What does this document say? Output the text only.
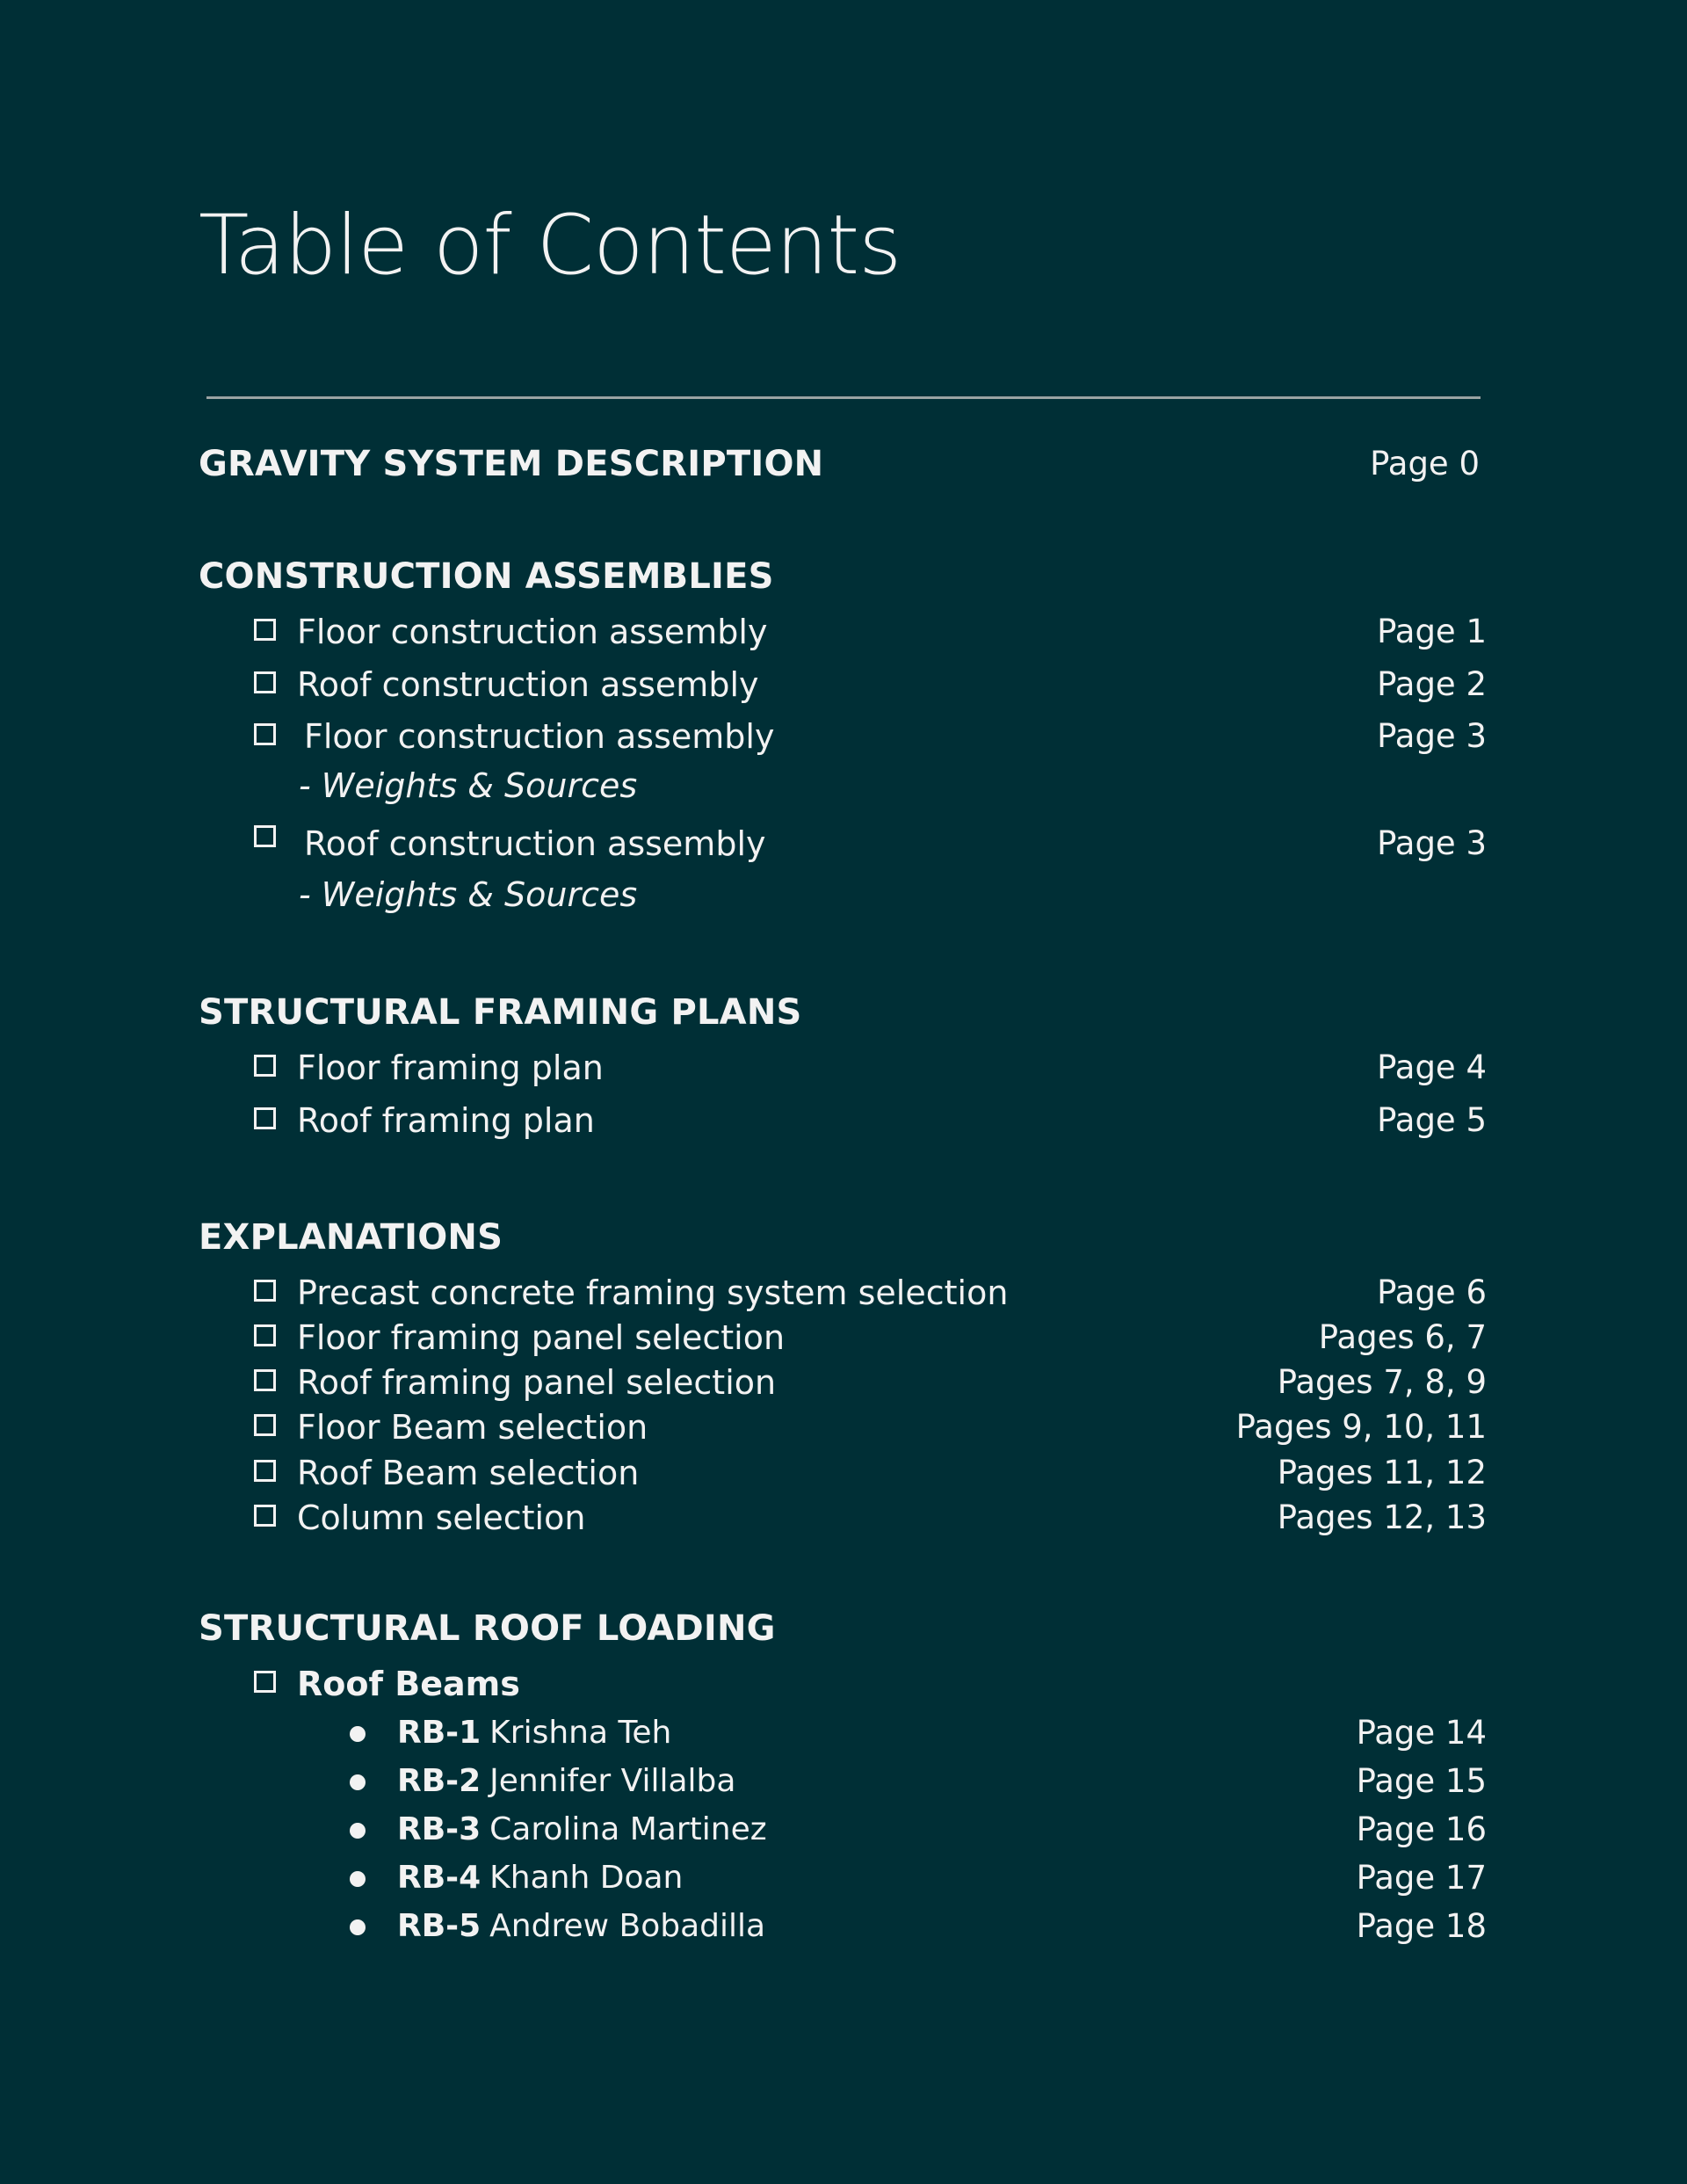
Table of Contents
GRAVITY SYSTEM DESCRIPTION	Page 0
CONSTRUCTION ASSEMBLIES
Floor construction assembly	Page 1
Roof construction assembly	Page 2
Floor construction assembly	Page 3
- Weights & Sources
Roof construction assembly	Page 3
- Weights & Sources
STRUCTURAL FRAMING PLANS
Floor framing plan	Page 4
Roof framing plan	Page 5
EXPLANATIONS
Precast concrete framing system selection	Page 6
Floor framing panel selection	Pages 6, 7
Roof framing panel selection	Pages 7, 8, 9
Floor Beam selection	Pages 9, 10, 11
Roof Beam selection	Pages 11, 12
Column selection	Pages 12, 13
STRUCTURAL ROOF LOADING
Roof Beams
RB-1 Krishna Teh	Page 14
RB-2 Jennifer Villalba	Page 15
RB-3 Carolina Martinez	Page 16
RB-4 Khanh Doan	Page 17
RB-5 Andrew Bobadilla	Page 18
